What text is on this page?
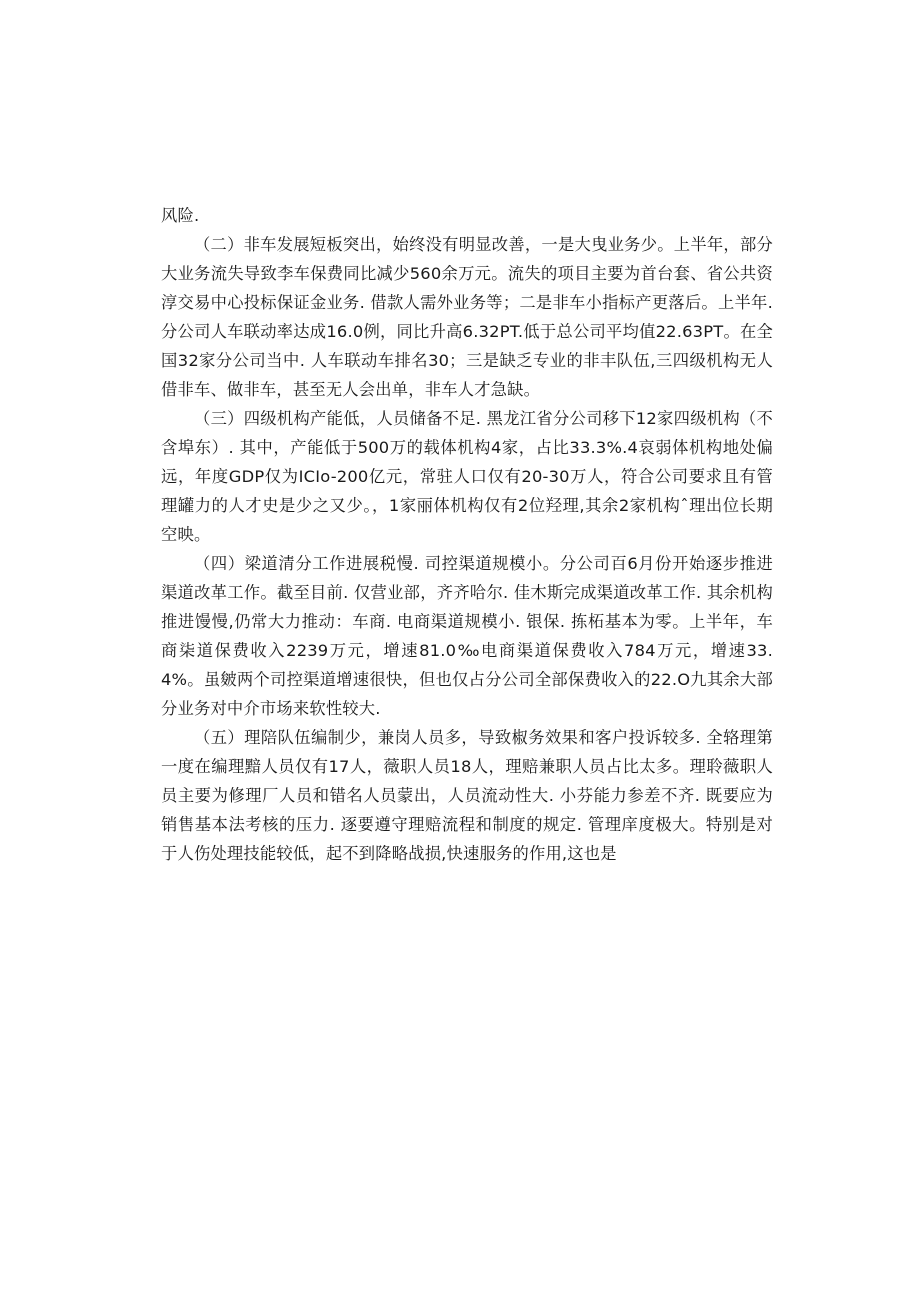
风险.

（二）非车发展短板突出，始终没有明显改善，一是大曳业务少。上半年，部分大业务流失导致李车保费同比减少560余万元。流失的项目主要为首台套、省公共资淳交易中心投标保证金业务. 借款人需外业务等；二是非车小指标产更落后。上半年. 分公司人车联动率达成16.0例，同比升高6.32PT.低于总公司平均值22.63PT。在全国32家分公司当中. 人车联动车排名30；三是缺乏专业的非丰队伍,三四级机构无人借非车、做非车，甚至无人会出单，非车人才急缺。

（三）四级机构产能低，人员储备不足. 黑龙江省分公司移下12家四级机构（不含埠东）. 其中，产能低于500万的载体机构4家，占比33.3%.4哀弱体机构地处偏远，年度GDP仅为ICIo-200亿元，常驻人口仅有20-30万人，符合公司要求且有管理罐力的人才史是少之又少。，1家丽体机构仅有2位羟理,其余2家机构ˆ理出位长期空映。

（四）梁道清分工作进展税慢. 司控渠道规模小。分公司百6月份开始逐步推进渠道改革工作。截至目前. 仅营业部，齐齐哈尔. 佳木斯完成渠道改革工作. 其余机构推进馒慢,仍常大力推动：车商. 电商渠道规模小. 银保. 拣柘基本为零。上半年，车商柒道保费收入2239万元，增速81.0‰电商渠道保费收入784万元，增速33.4%。虽皴两个司控渠道增速很快，但也仅占分公司全部保费收入的22.O九其余大部分业务对中介市场来软性较大.

（五）理陪队伍编制少，兼岗人员多，导致椒务效果和客户投诉较多. 全辂理第一度在编理黯人员仅有17人，薇职人员18人，理赔兼职人员占比太多。理聆薇职人员主要为修理厂人员和错名人员蒙出，人员流动性大. 小芬能力参差不齐. 既要应为销售基本法考核的压力. 逐要遵守理赔流程和制度的规定. 管理庠度极大。特别是对于人伤处理技能较低，起不到降略战损,快速服务的作用,这也是
